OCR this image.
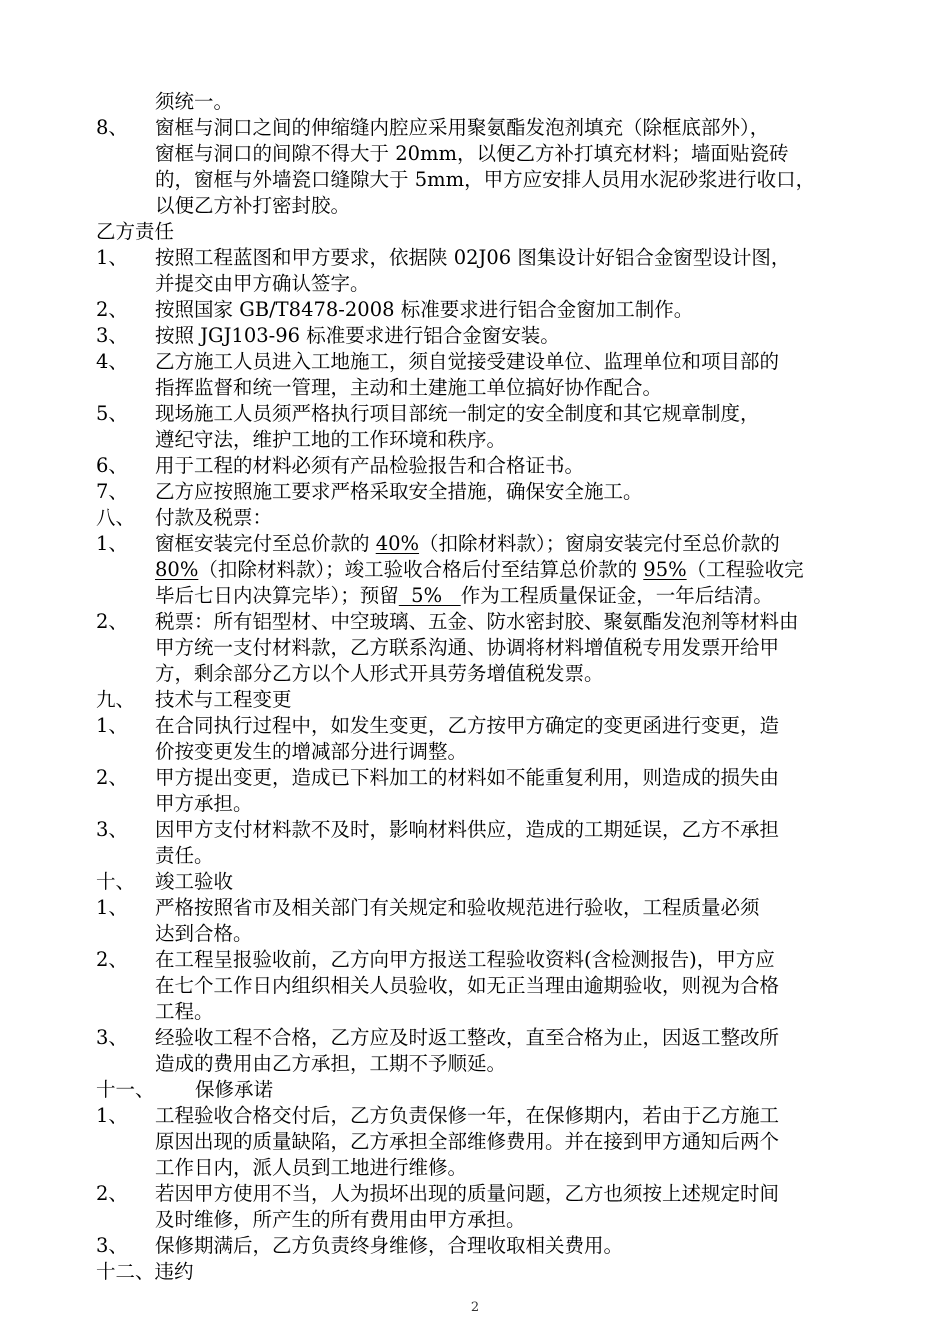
须统一。
8、 窗框与洞口之间的伸缩缝内腔应采用聚氨酯发泡剂填充（除框底部外），
窗框与洞口的间隙不得大于 20mm，以便乙方补打填充材料；墙面贴瓷砖
的，窗框与外墙瓷口缝隙大于 5mm，甲方应安排人员用水泥砂浆进行收口，
以便乙方补打密封胶。
乙方责任
1、 按照工程蓝图和甲方要求，依据陕 02J06 图集设计好铝合金窗型设计图，
并提交由甲方确认签字。
2、 按照国家 GB/T8478-2008 标准要求进行铝合金窗加工制作。
3、 按照 JGJ103-96 标准要求进行铝合金窗安装。
4、 乙方施工人员进入工地施工，须自觉接受建设单位、监理单位和项目部的
指挥监督和统一管理，主动和土建施工单位搞好协作配合。
5、 现场施工人员须严格执行项目部统一制定的安全制度和其它规章制度，
遵纪守法，维护工地的工作环境和秩序。
6、 用于工程的材料必须有产品检验报告和合格证书。
7、 乙方应按照施工要求严格采取安全措施，确保安全施工。
八、 付款及税票：
1、 窗框安装完付至总价款的 40%（扣除材料款）；窗扇安装完付至总价款的
80%（扣除材料款）；竣工验收合格后付至结算总价款的 95%（工程验收完
毕后七日内决算完毕）；预留  5%   作为工程质量保证金，一年后结清。
2、 税票：所有铝型材、中空玻璃、五金、防水密封胶、聚氨酯发泡剂等材料由
甲方统一支付材料款，乙方联系沟通、协调将材料增值税专用发票开给甲
方，剩余部分乙方以个人形式开具劳务增值税发票。
九、 技术与工程变更
1、 在合同执行过程中，如发生变更，乙方按甲方确定的变更函进行变更，造
价按变更发生的增减部分进行调整。
2、 甲方提出变更，造成已下料加工的材料如不能重复利用，则造成的损失由
甲方承担。
3、 因甲方支付材料款不及时，影响材料供应，造成的工期延误，乙方不承担
责任。
十、 竣工验收
1、 严格按照省市及相关部门有关规定和验收规范进行验收，工程质量必须
达到合格。
2、 在工程呈报验收前，乙方向甲方报送工程验收资料(含检测报告)，甲方应
在七个工作日内组织相关人员验收，如无正当理由逾期验收，则视为合格
工程。
3、 经验收工程不合格，乙方应及时返工整改，直至合格为止，因返工整改所
造成的费用由乙方承担，工期不予顺延。
十一、 保修承诺
1、 工程验收合格交付后，乙方负责保修一年，在保修期内，若由于乙方施工
原因出现的质量缺陷，乙方承担全部维修费用。并在接到甲方通知后两个
工作日内，派人员到工地进行维修。
2、 若因甲方使用不当，人为损坏出现的质量问题，乙方也须按上述规定时间
及时维修，所产生的所有费用由甲方承担。
3、 保修期满后，乙方负责终身维修，合理收取相关费用。
十二、违约
2
